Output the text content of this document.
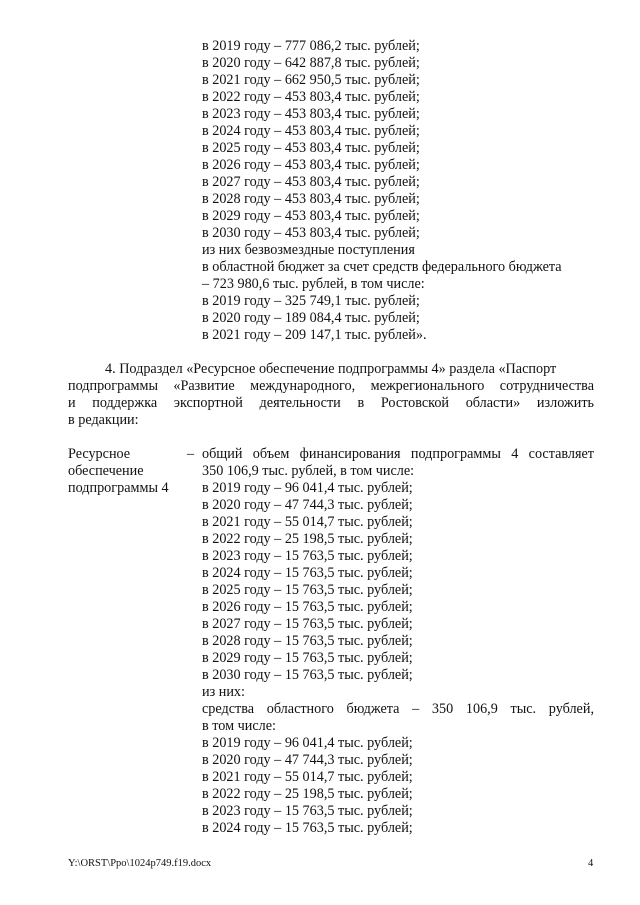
в 2019 году – 777 086,2 тыс. рублей;
в 2020 году – 642 887,8 тыс. рублей;
в 2021 году – 662 950,5 тыс. рублей;
в 2022 году – 453 803,4 тыс. рублей;
в 2023 году – 453 803,4 тыс. рублей;
в 2024 году – 453 803,4 тыс. рублей;
в 2025 году – 453 803,4 тыс. рублей;
в 2026 году – 453 803,4 тыс. рублей;
в 2027 году – 453 803,4 тыс. рублей;
в 2028 году – 453 803,4 тыс. рублей;
в 2029 году – 453 803,4 тыс. рублей;
в 2030 году – 453 803,4 тыс. рублей;
из них безвозмездные поступления
в областной бюджет за счет средств федерального бюджета
– 723 980,6 тыс. рублей, в том числе:
в 2019 году – 325 749,1 тыс. рублей;
в 2020 году – 189 084,4 тыс. рублей;
в 2021 году – 209 147,1 тыс. рублей».
4. Подраздел «Ресурсное обеспечение подпрограммы 4» раздела «Паспорт
подпрограммы «Развитие международного, межрегионального сотрудничества
и поддержка экспортной деятельности в Ростовской области» изложить
в редакции:
Ресурсное
обеспечение
подпрограммы 4
– общий объем финансирования подпрограммы 4 составляет
350 106,9 тыс. рублей, в том числе:
в 2019 году – 96 041,4 тыс. рублей;
в 2020 году – 47 744,3 тыс. рублей;
в 2021 году – 55 014,7 тыс. рублей;
в 2022 году – 25 198,5 тыс. рублей;
в 2023 году – 15 763,5 тыс. рублей;
в 2024 году – 15 763,5 тыс. рублей;
в 2025 году – 15 763,5 тыс. рублей;
в 2026 году – 15 763,5 тыс. рублей;
в 2027 году – 15 763,5 тыс. рублей;
в 2028 году – 15 763,5 тыс. рублей;
в 2029 году – 15 763,5 тыс. рублей;
в 2030 году – 15 763,5 тыс. рублей;
из них:
средства областного бюджета – 350 106,9 тыс. рублей,
в том числе:
в 2019 году – 96 041,4 тыс. рублей;
в 2020 году – 47 744,3 тыс. рублей;
в 2021 году – 55 014,7 тыс. рублей;
в 2022 году – 25 198,5 тыс. рублей;
в 2023 году – 15 763,5 тыс. рублей;
в 2024 году – 15 763,5 тыс. рублей;
Y:\ORST\Ppo\1024p749.f19.docx	4
